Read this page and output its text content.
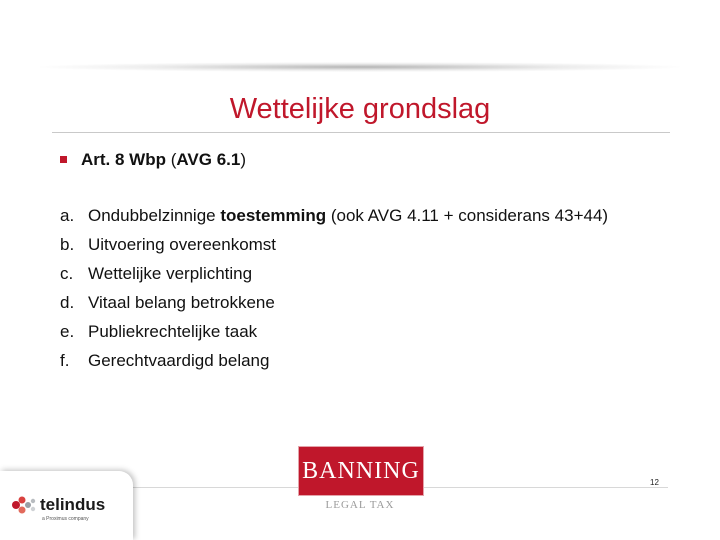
Wettelijke grondslag
Art. 8 Wbp (AVG 6.1)
a. Ondubbelzinnige toestemming (ook AVG 4.11 + considerans 43+44)
b. Uitvoering overeenkomst
c. Wettelijke verplichting
d. Vitaal belang betrokkene
e. Publiekrechtelijke taak
f.	Gerechtvaardigd belang
BANNING
LEGAL TAX
12
telindus
a Proximus company
